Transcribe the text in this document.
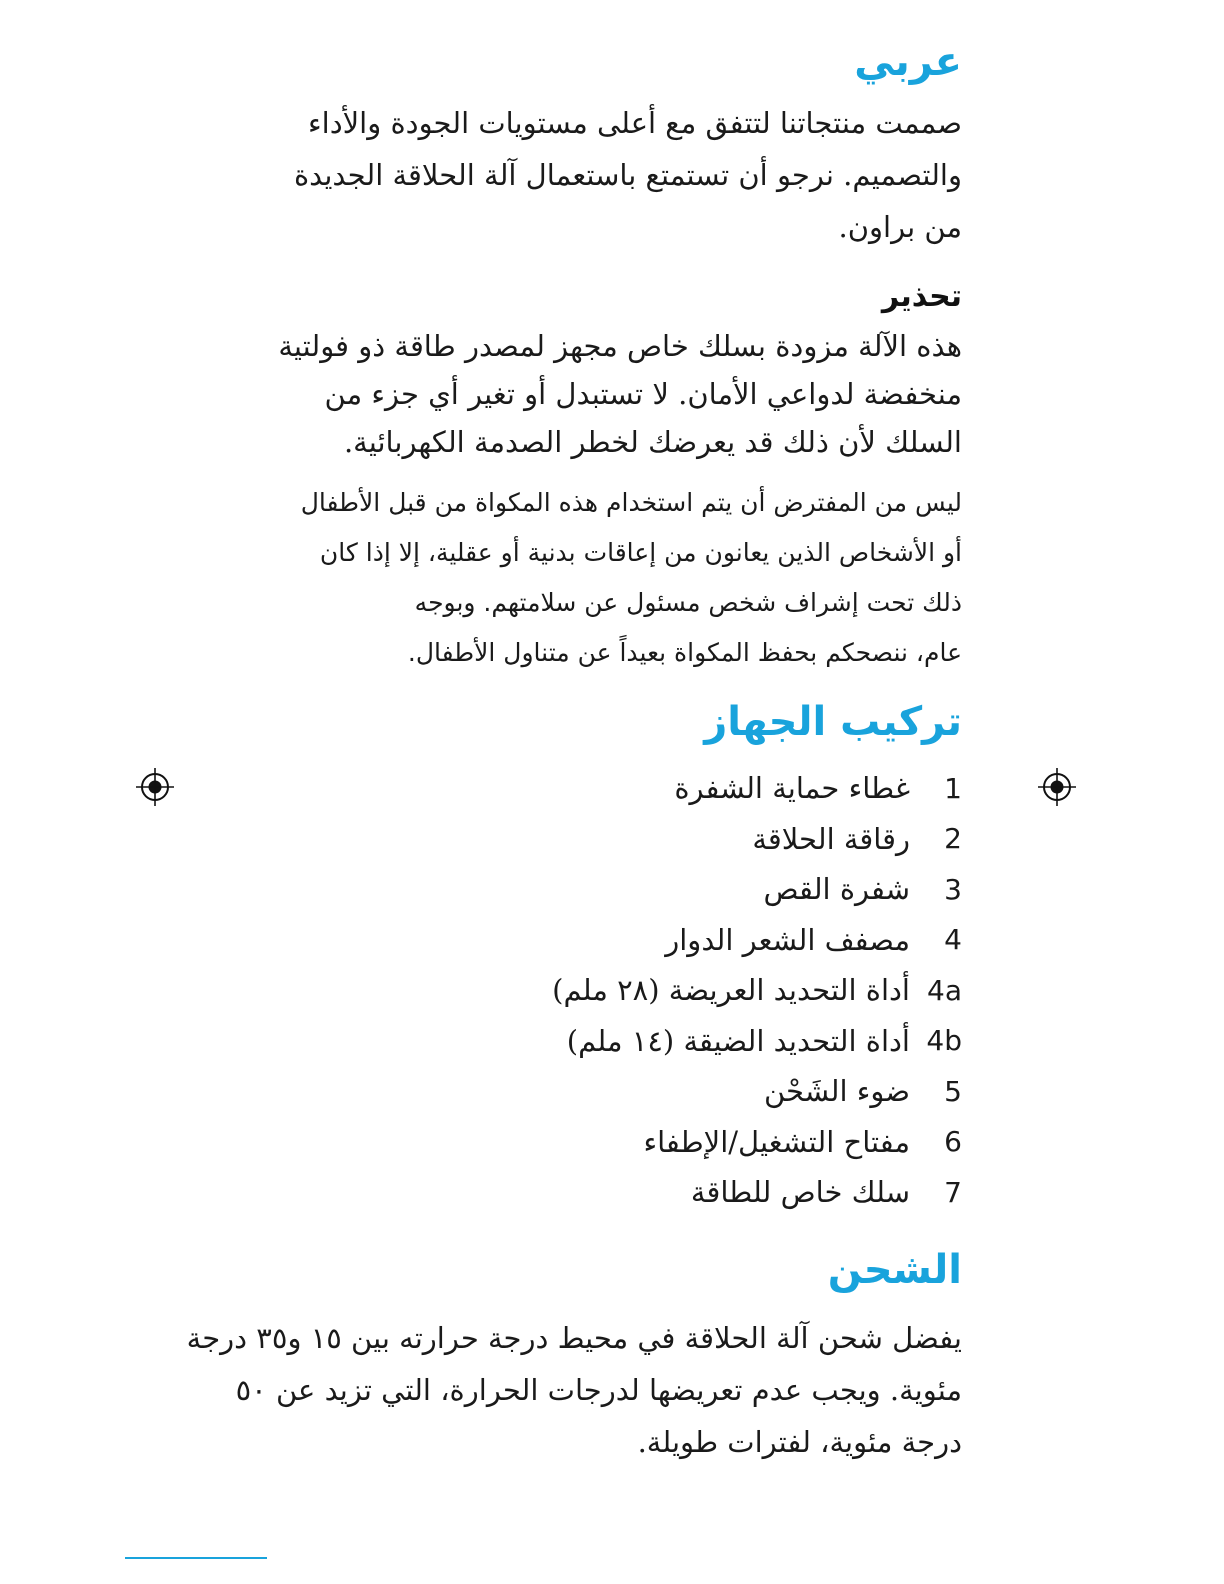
عربي

صممت منتجاتنا لتتفق مع أعلى مستويات الجودة والأداء
والتصميم. نرجو أن تستمتع باستعمال آلة الحلاقة الجديدة
من براون.

تحذير

هذه الآلة مزودة بسلك خاص مجهز لمصدر طاقة ذو فولتية
منخفضة لدواعي الأمان. لا تستبدل أو تغير أي جزء من
السلك لأن ذلك قد يعرضك لخطر الصدمة الكهربائية.

ليس من المفترض أن يتم استخدام هذه المكواة من قبل الأطفال
أو الأشخاص الذين يعانون من إعاقات بدنية أو عقلية، إلا إذا كان
ذلك تحت إشراف شخص مسئول عن سلامتهم. وبوجه
عام، ننصحكم بحفظ المكواة بعيداً عن متناول الأطفال.

تركيب الجهاز
1
غطاء حماية الشفرة
2
رقاقة الحلاقة
3
شفرة القص
4
مصفف الشعر الدوار
4a
أداة التحديد العريضة (٢٨ ملم)
4b
أداة التحديد الضيقة (١٤ ملم)
5
ضوء الشَحْن
6
مفتاح التشغيل/الإطفاء
7
سلك خاص للطاقة
الشحن

يفضل شحن آلة الحلاقة في محيط درجة حرارته بين ١٥ و٣٥ درجة
مئوية. ويجب عدم تعريضها لدرجات الحرارة، التي تزيد عن ٥٠
درجة مئوية، لفترات طويلة.
